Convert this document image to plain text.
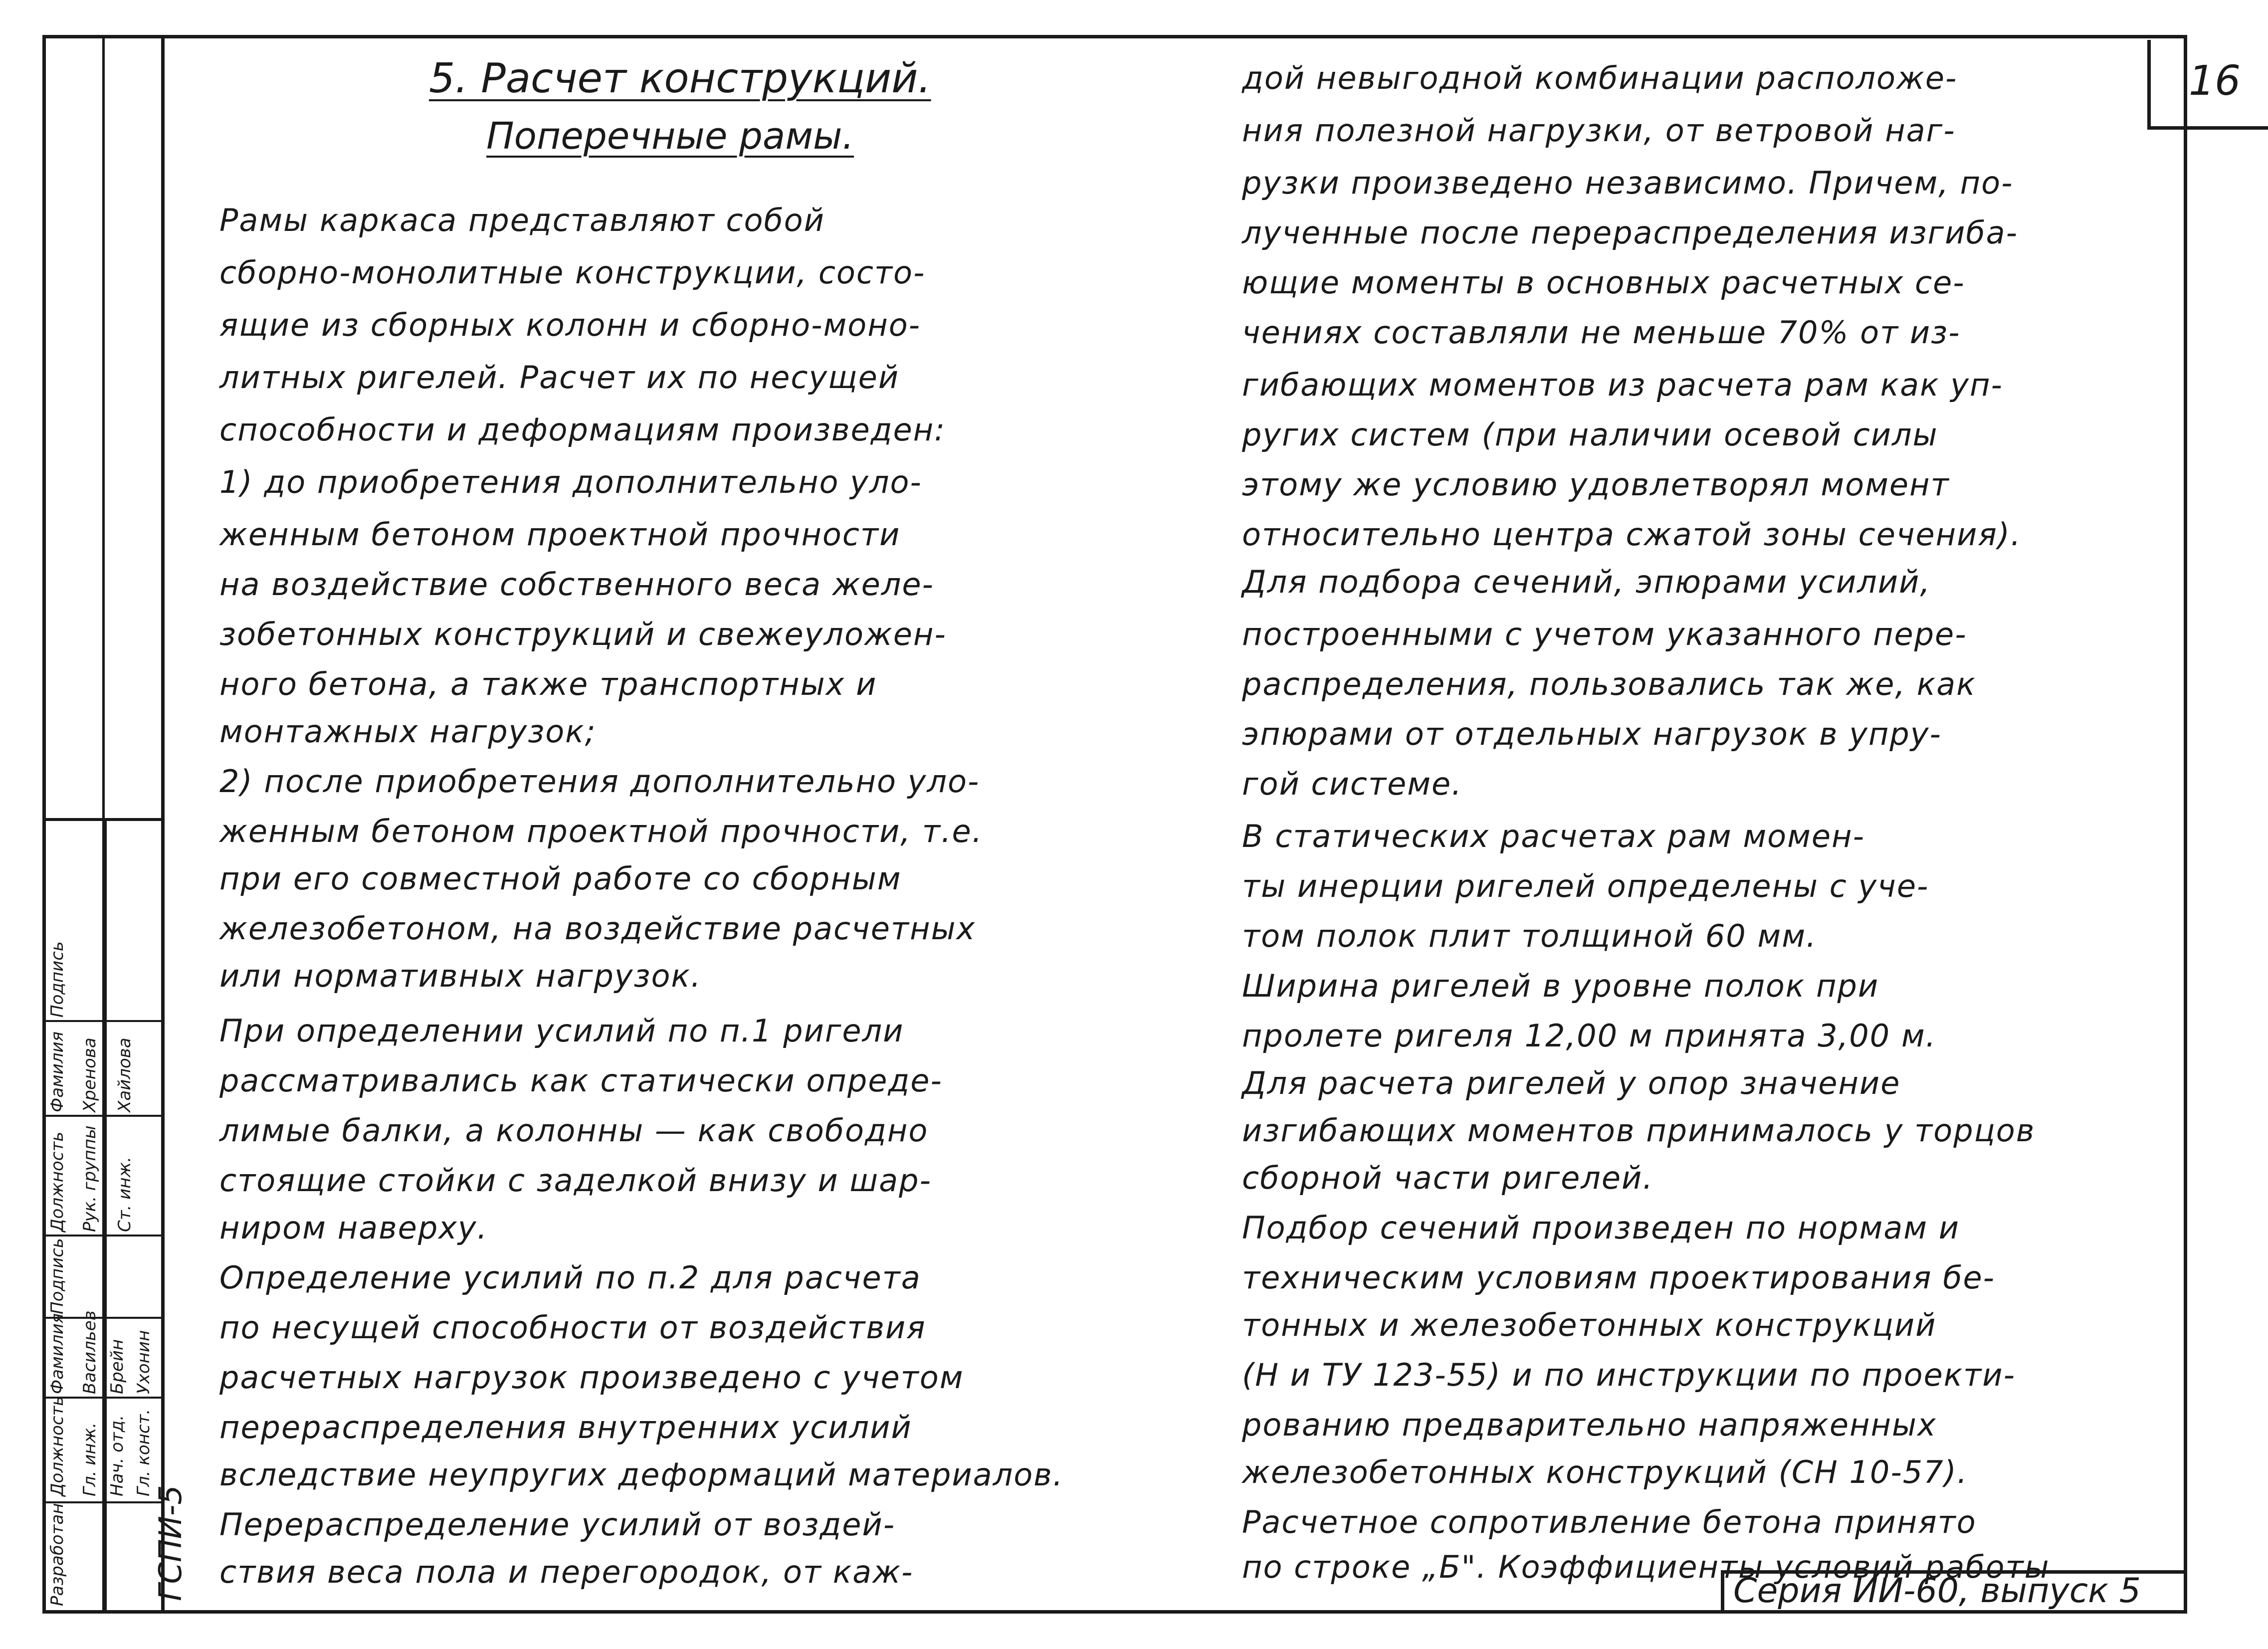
Подпись
Фамилия
Должность Рук. группы
Хренова
Ст. инж.
Хайлова
Разработан
Должность
Фамилия
Подпись
Гл. инж.
Васильев
Нач. отд.
Брейн
Гл. конст.
Ухонин
ГСПИ-5
16
Серия ИИ-60, выпуск 5
5. Расчет конструкций.
Поперечные рамы.
Рамы каркаса представляют собой
сборно-монолитные конструкции, состо-
ящие из сборных колонн и сборно-моно-
литных ригелей. Расчет их по несущей
способности и деформациям произведен:
1) до приобретения дополнительно уло-
женным бетоном проектной прочности
на воздействие собственного веса желе-
зобетонных конструкций и свежеуложен-
ного бетона, а также транспортных и
монтажных нагрузок;
2) после приобретения дополнительно уло-
женным бетоном проектной прочности, т.е.
при его совместной работе со сборным
железобетоном, на воздействие расчетных
или нормативных нагрузок.
При определении усилий по п.1 ригели
рассматривались как статически опреде-
лимые балки, а колонны — как свободно
стоящие стойки с заделкой внизу и шар-
ниром наверху.
Определение усилий по п.2 для расчета
по несущей способности от воздействия
расчетных нагрузок произведено с учетом
перераспределения внутренних усилий
вследствие неупругих деформаций материалов.
Перераспределение усилий от воздей-
ствия веса пола и перегородок, от каж-
дой невыгодной комбинации расположе-
ния полезной нагрузки, от ветровой наг-
рузки произведено независимо. Причем, по-
лученные после перераспределения изгиба-
ющие моменты в основных расчетных се-
чениях составляли не меньше 70% от из-
гибающих моментов из расчета рам как уп-
ругих систем (при наличии осевой силы
этому же условию удовлетворял момент
относительно центра сжатой зоны сечения).
Для подбора сечений, эпюрами усилий,
построенными с учетом указанного пере-
распределения, пользовались так же, как
эпюрами от отдельных нагрузок в упру-
гой системе.
В статических расчетах рам момен-
ты инерции ригелей определены с уче-
том полок плит толщиной 60 мм.
Ширина ригелей в уровне полок при
пролете ригеля 12,00 м принята 3,00 м.
Для расчета ригелей у опор значение
изгибающих моментов принималось у торцов
сборной части ригелей.
Подбор сечений произведен по нормам и
техническим условиям проектирования бе-
тонных и железобетонных конструкций
(Н и ТУ 123-55) и по инструкции по проекти-
рованию предварительно напряженных
железобетонных конструкций (СН 10-57).
Расчетное сопротивление бетона принято
по строке „Б". Коэффициенты условий работы
